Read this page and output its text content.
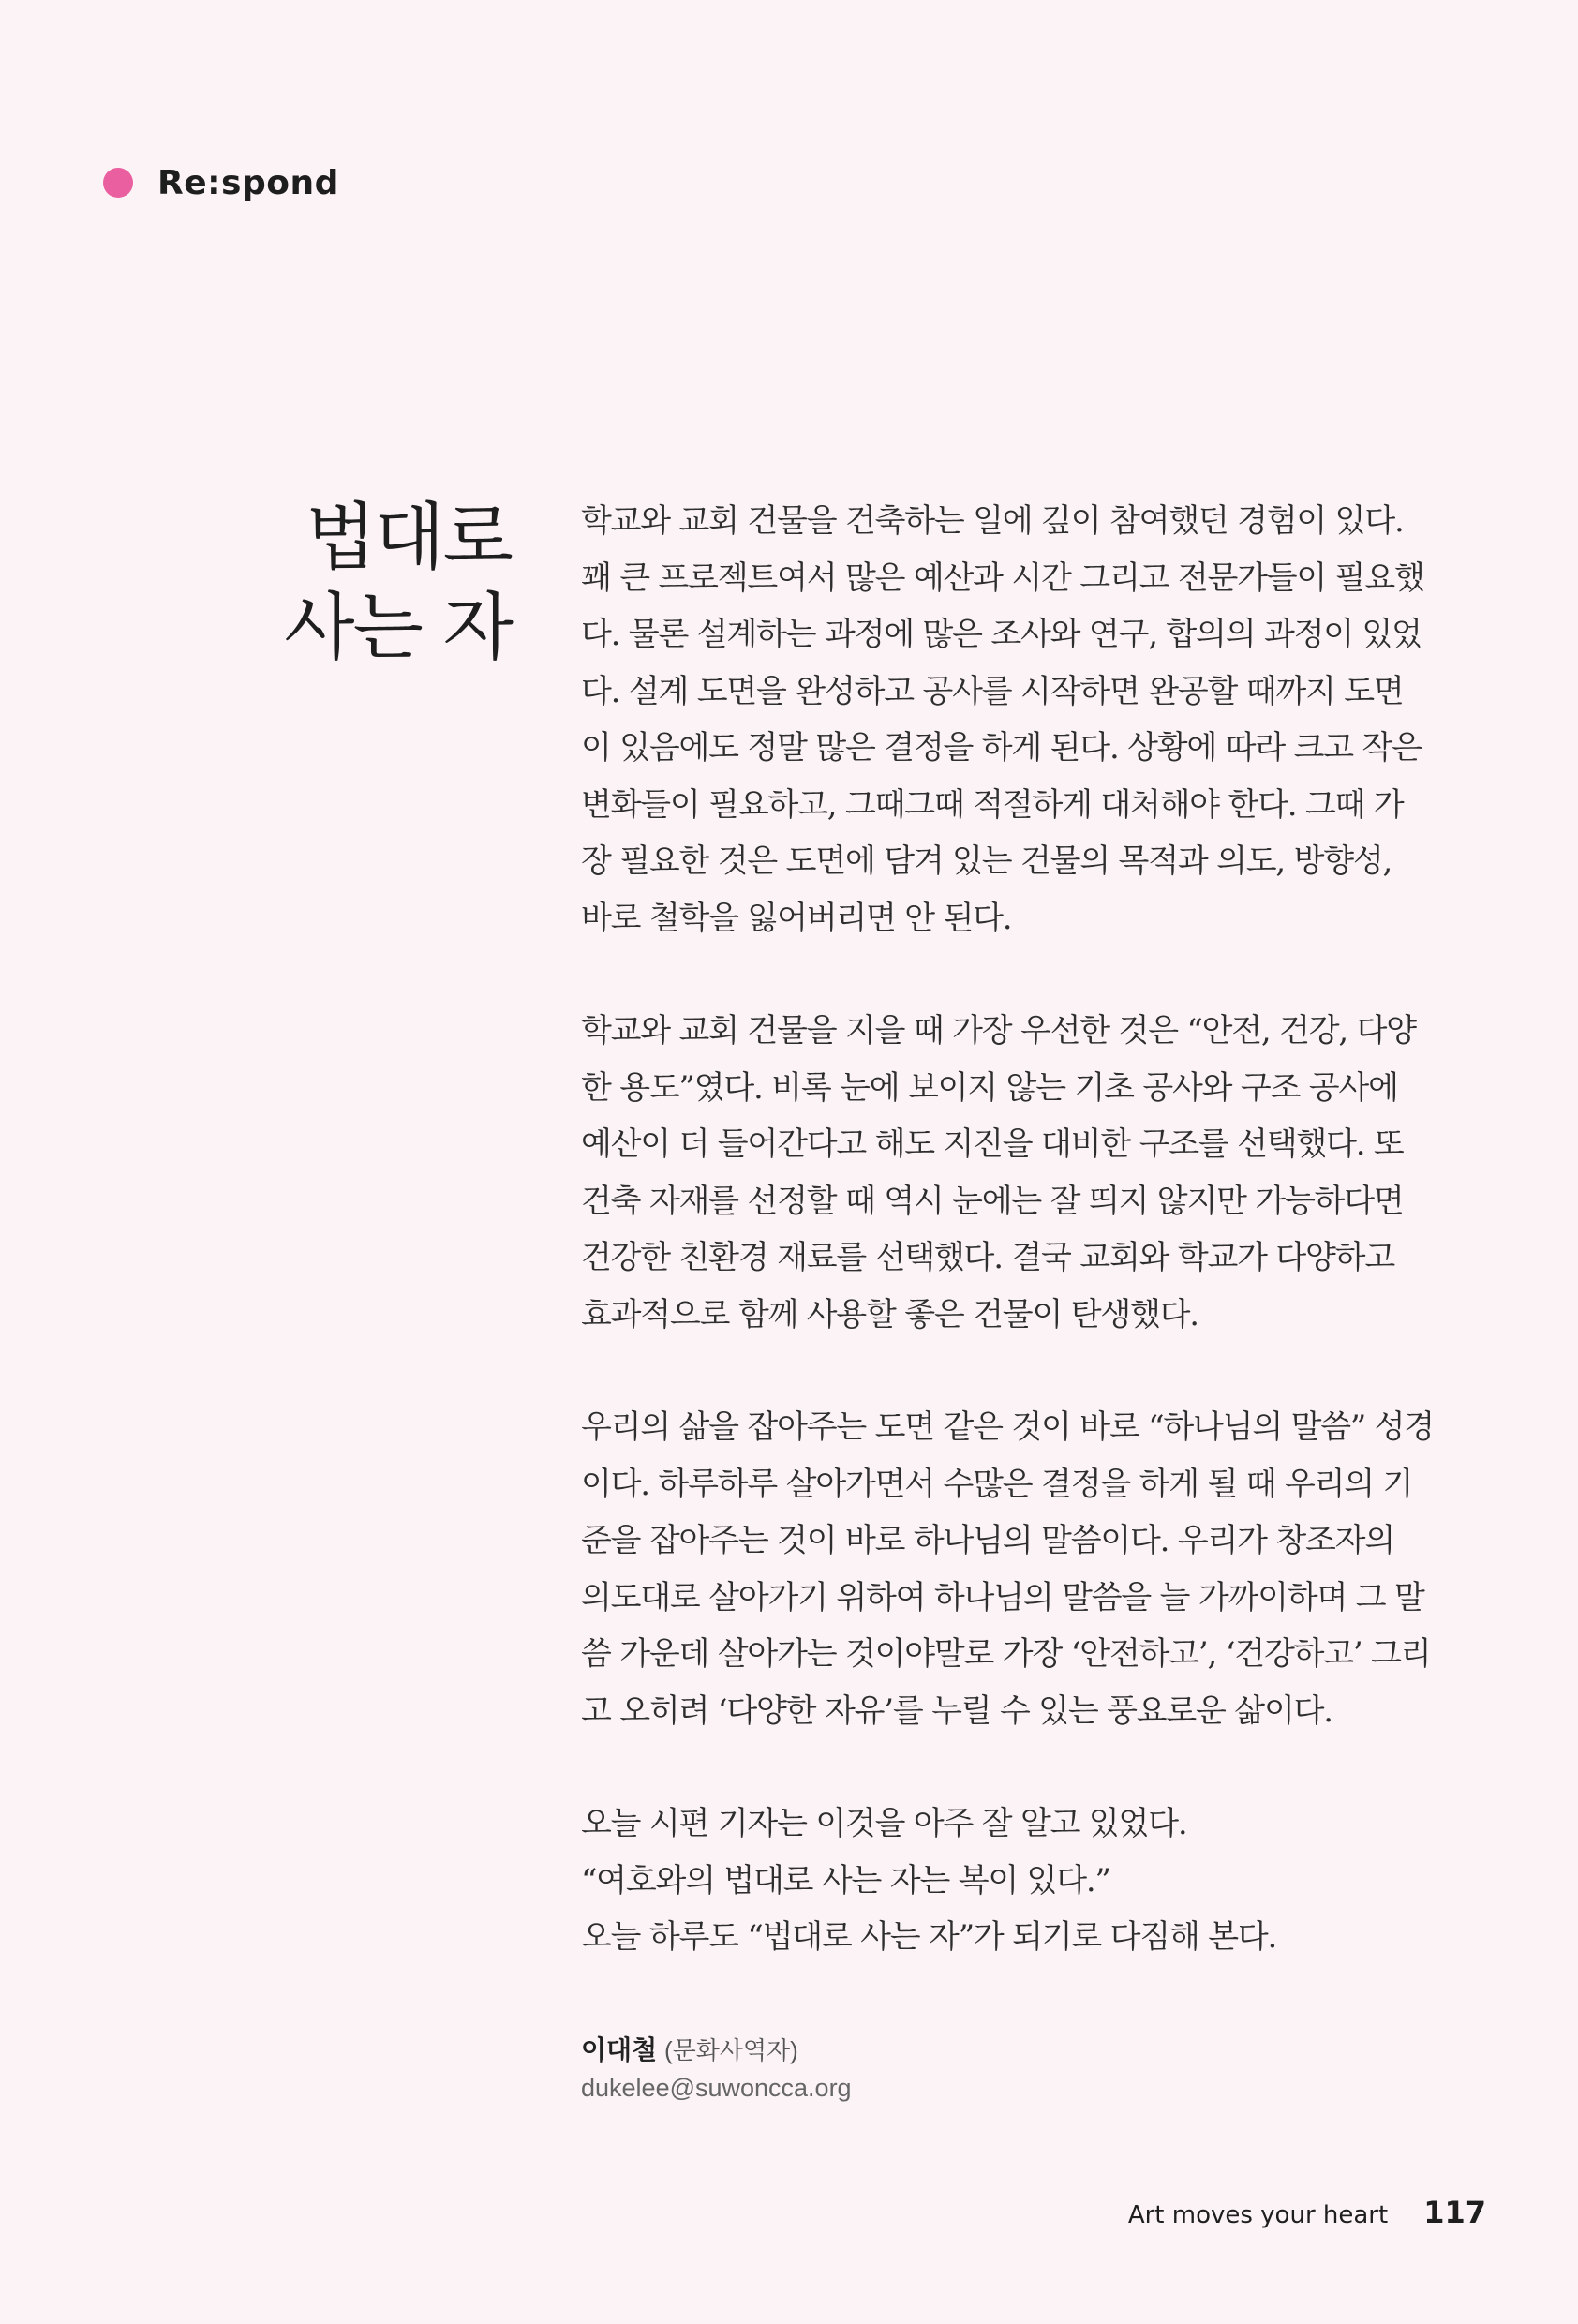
Re:spond
법대로
사는 자
학교와 교회 건물을 건축하는 일에 깊이 참여했던 경험이 있다.
꽤 큰 프로젝트여서 많은 예산과 시간 그리고 전문가들이 필요했
다. 물론 설계하는 과정에 많은 조사와 연구, 합의의 과정이 있었
다. 설계 도면을 완성하고 공사를 시작하면 완공할 때까지 도면
이 있음에도 정말 많은 결정을 하게 된다. 상황에 따라 크고 작은
변화들이 필요하고, 그때그때 적절하게 대처해야 한다. 그때 가
장 필요한 것은 도면에 담겨 있는 건물의 목적과 의도, 방향성,
바로 철학을 잃어버리면 안 된다.
학교와 교회 건물을 지을 때 가장 우선한 것은 “안전, 건강, 다양
한 용도”였다. 비록 눈에 보이지 않는 기초 공사와 구조 공사에
예산이 더 들어간다고 해도 지진을 대비한 구조를 선택했다. 또
건축 자재를 선정할 때 역시 눈에는 잘 띄지 않지만 가능하다면
건강한 친환경 재료를 선택했다. 결국 교회와 학교가 다양하고
효과적으로 함께 사용할 좋은 건물이 탄생했다.
우리의 삶을 잡아주는 도면 같은 것이 바로 “하나님의 말씀” 성경
이다. 하루하루 살아가면서 수많은 결정을 하게 될 때 우리의 기
준을 잡아주는 것이 바로 하나님의 말씀이다. 우리가 창조자의
의도대로 살아가기 위하여 하나님의 말씀을 늘 가까이하며 그 말
씀 가운데 살아가는 것이야말로 가장 ‘안전하고’, ‘건강하고’ 그리
고 오히려 ‘다양한 자유’를 누릴 수 있는 풍요로운 삶이다.
오늘 시편 기자는 이것을 아주 잘 알고 있었다.
“여호와의 법대로 사는 자는 복이 있다.”
오늘 하루도 “법대로 사는 자”가 되기로 다짐해 본다.
이대철 (문화사역자)
dukelee@suwoncca.org
Art moves your heart 117
